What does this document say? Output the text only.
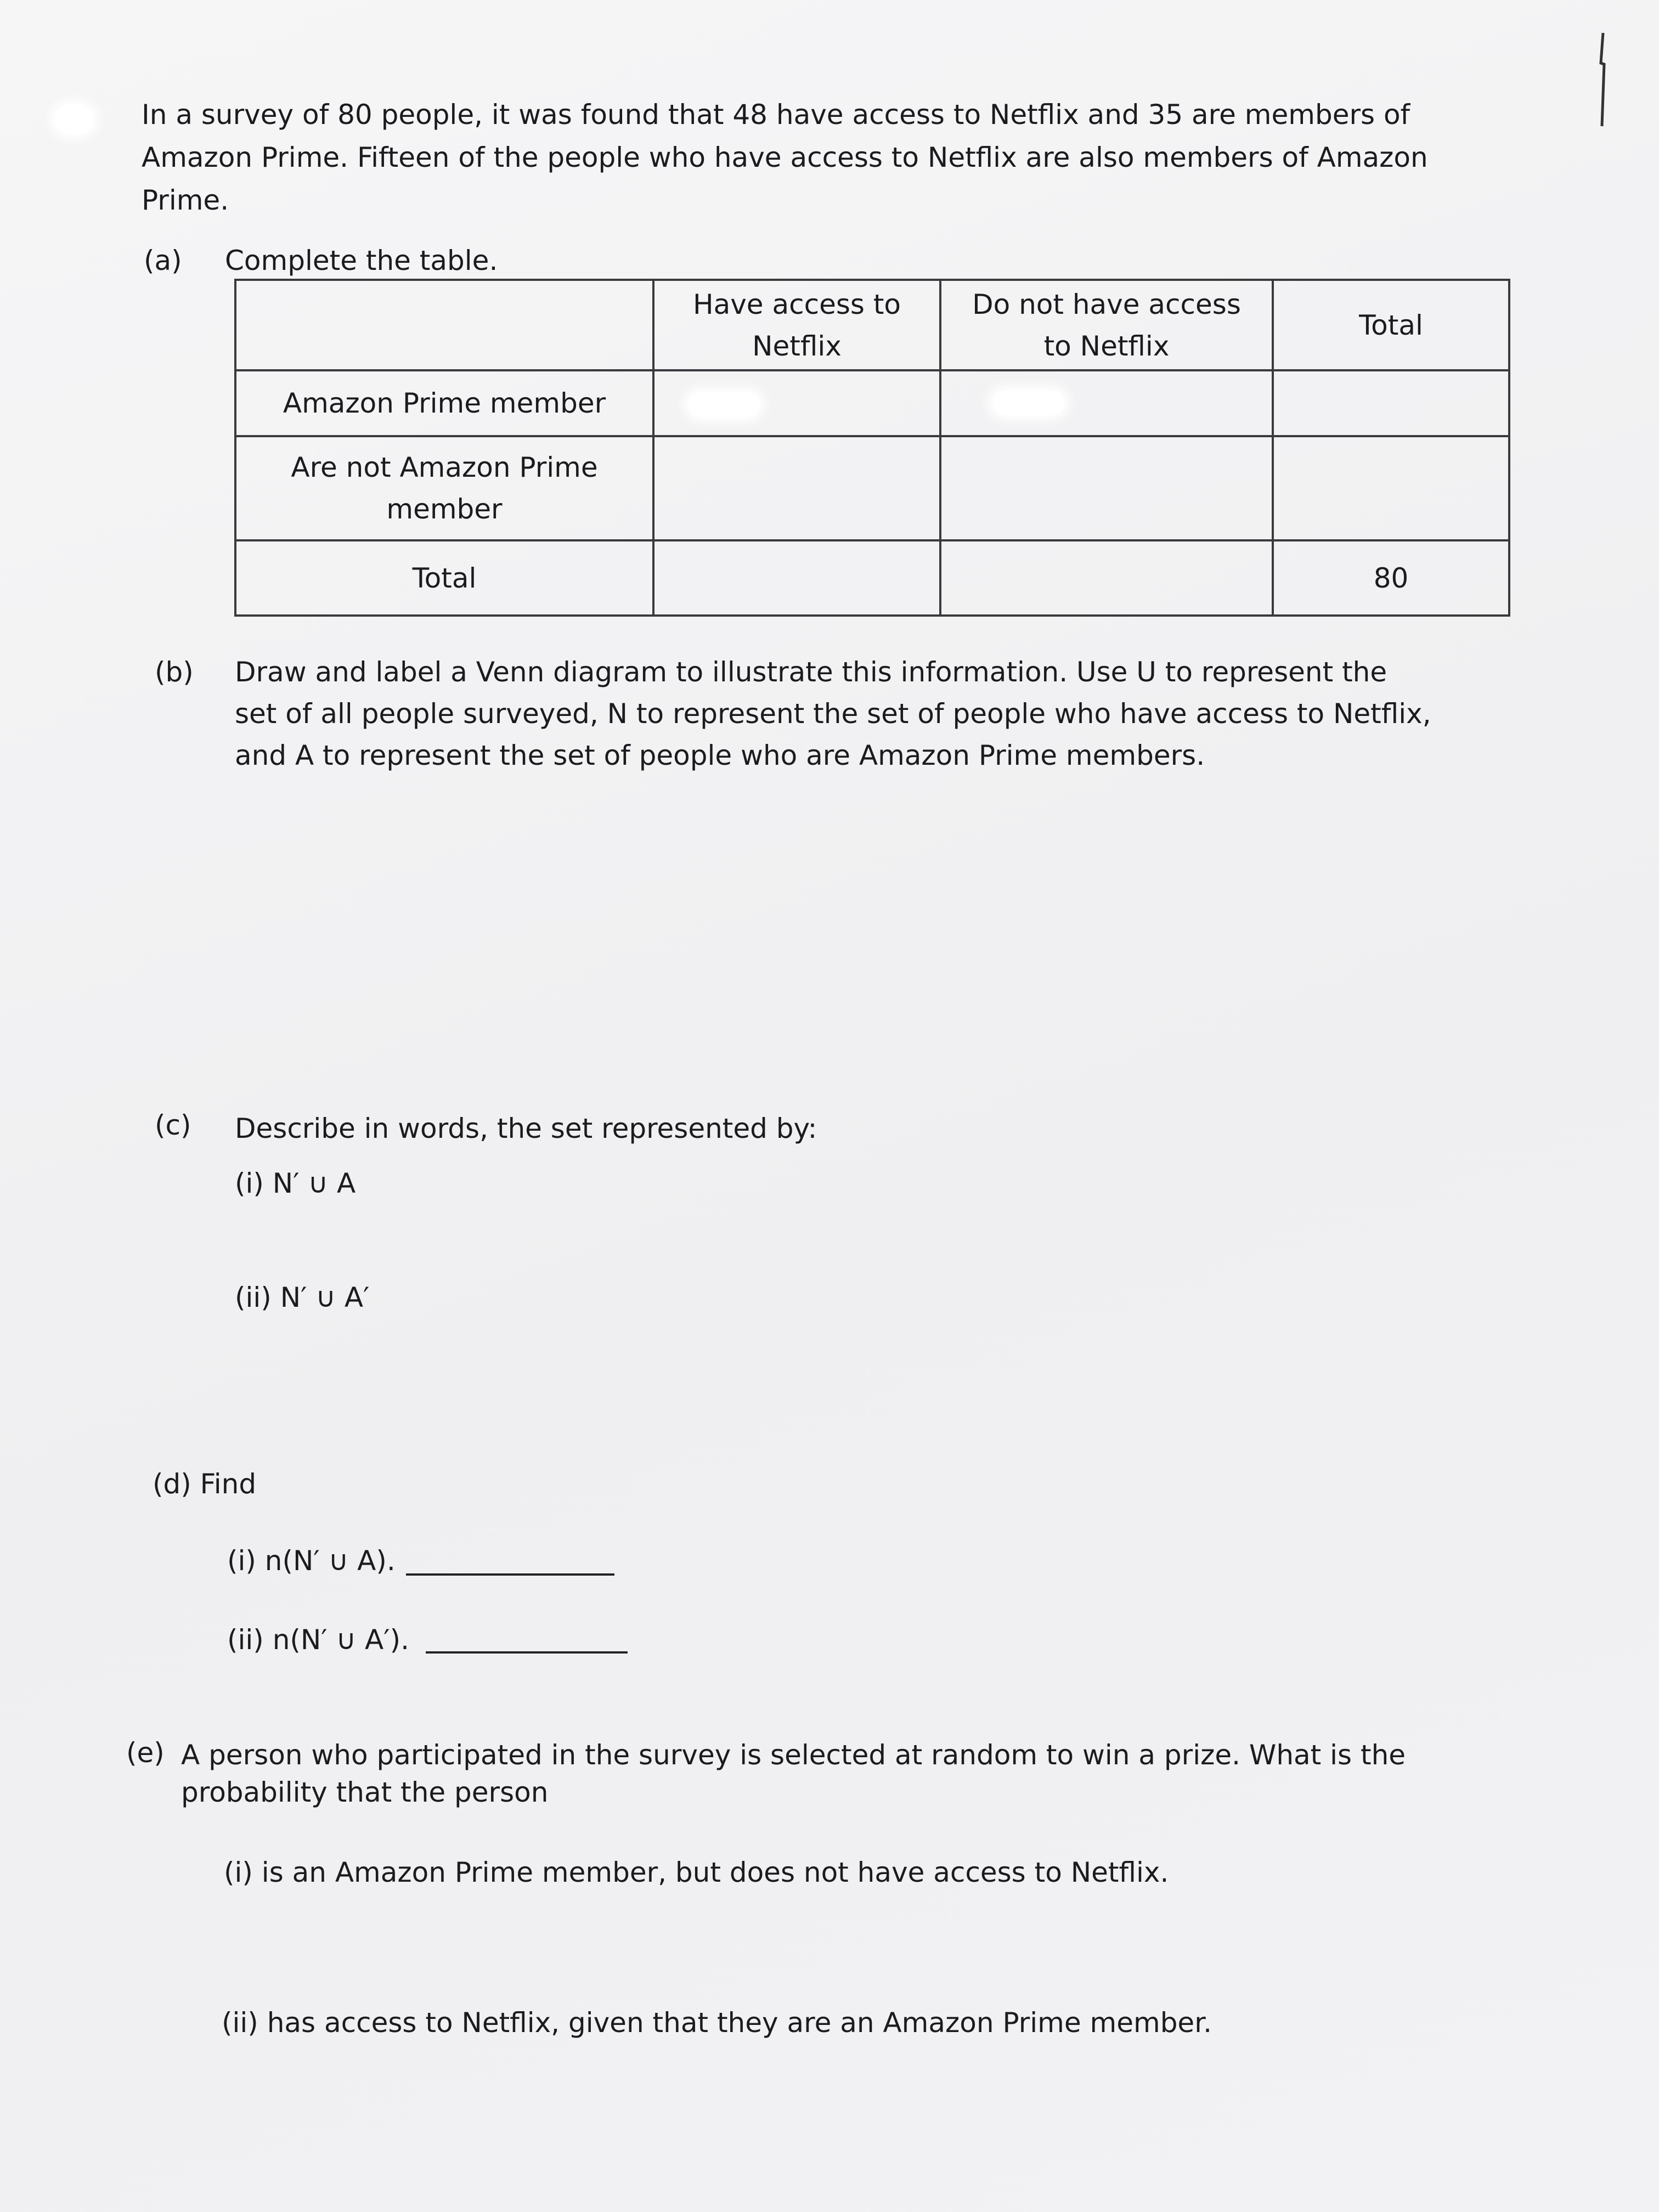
In a survey of 80 people, it was found that 48 have access to Netflix and 35 are members of
Amazon Prime. Fifteen of the people who have access to Netflix are also members of Amazon
Prime.
(a) Complete the table.
	Have access to Netflix	Do not have access to Netflix	Total
Amazon Prime member			
Are not Amazon Prime member			
Total			80
(b) Draw and label a Venn diagram to illustrate this information. Use U to represent the
set of all people surveyed, N to represent the set of people who have access to Netflix,
and A to represent the set of people who are Amazon Prime members.
(c) Describe in words, the set represented by:
(i) N′ ∪ A
(ii) N′ ∪ A′
(d) Find
(i) n(N′ ∪ A).
(ii) n(N′ ∪ A′).
(e) A person who participated in the survey is selected at random to win a prize. What is the
probability that the person
(i) is an Amazon Prime member, but does not have access to Netflix.
(ii) has access to Netflix, given that they are an Amazon Prime member.
